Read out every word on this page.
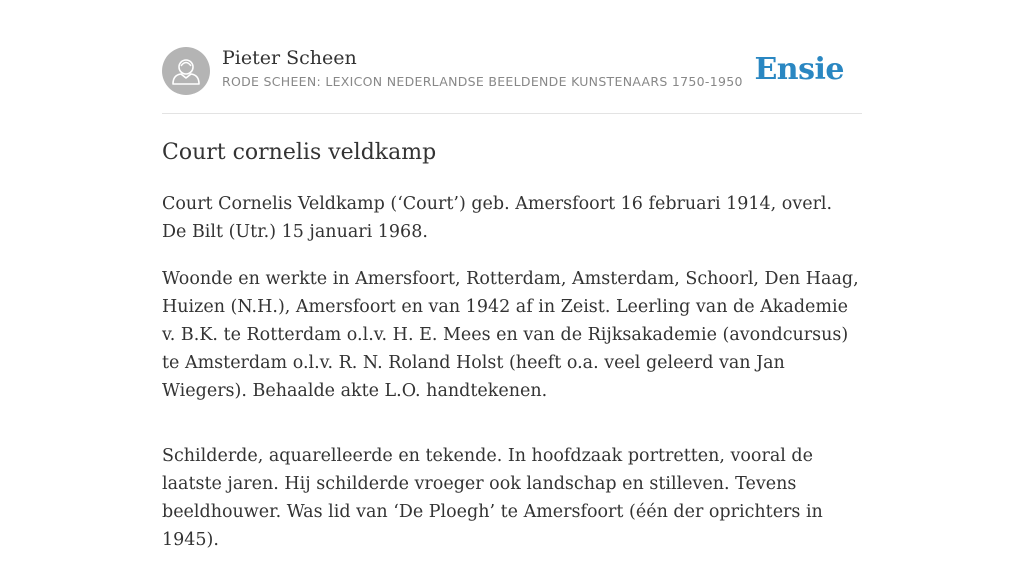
Pieter Scheen
RODE SCHEEN: LEXICON NEDERLANDSE BEELDENDE KUNSTENAARS 1750-1950 Ensie
Court cornelis veldkamp

Court Cornelis Veldkamp (‘Court’) geb. Amersfoort 16 februari 1914, overl. De Bilt (Utr.) 15 januari 1968.

Woonde en werkte in Amersfoort, Rotterdam, Amsterdam, Schoorl, Den Haag, Huizen (N.H.), Amersfoort en van 1942 af in Zeist. Leerling van de Akademie v. B.K. te Rotterdam o.l.v. H. E. Mees en van de Rijksakademie (avondcursus) te Amsterdam o.l.v. R. N. Roland Holst (heeft o.a. veel geleerd van Jan Wiegers). Behaalde akte L.O. handtekenen.

Schilderde, aquarelleerde en tekende. In hoofdzaak portretten, vooral de laatste jaren. Hij schilderde vroeger ook landschap en stilleven. Tevens beeldhouwer. Was lid van ‘De Ploegh’ te Amersfoort (één der oprichters in 1945).
